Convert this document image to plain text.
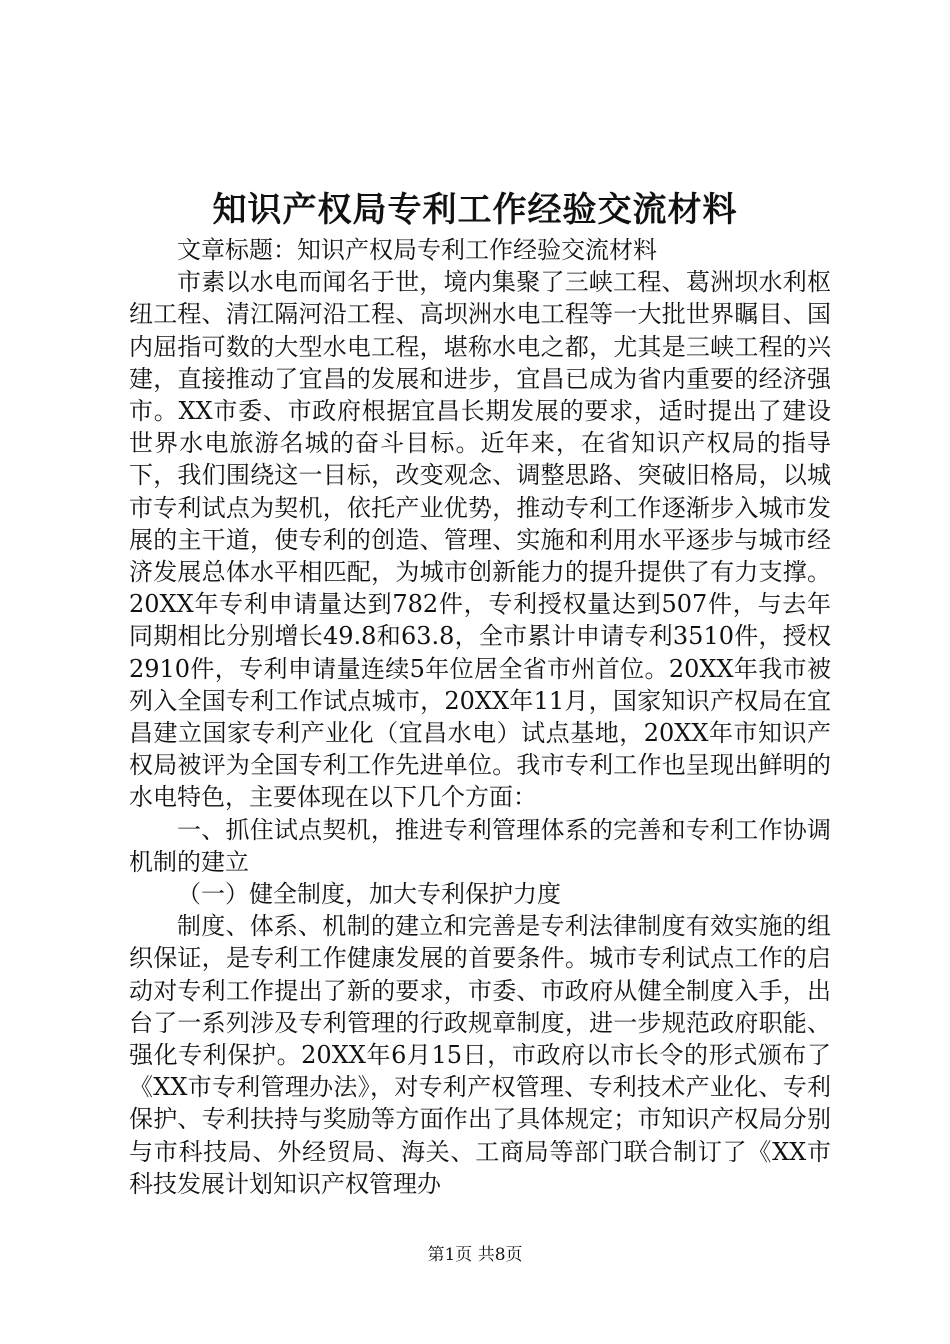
知识产权局专利工作经验交流材料

文章标题：知识产权局专利工作经验交流材料

市素以水电而闻名于世，境内集聚了三峡工程、葛洲坝水利枢纽工程、清江隔河沿工程、高坝洲水电工程等一大批世界瞩目、国内屈指可数的大型水电工程，堪称水电之都，尤其是三峡工程的兴建，直接推动了宜昌的发展和进步，宜昌已成为省内重要的经济强市。XX市委、市政府根据宜昌长期发展的要求，适时提出了建设世界水电旅游名城的奋斗目标。近年来，在省知识产权局的指导下，我们围绕这一目标，改变观念、调整思路、突破旧格局，以城市专利试点为契机，依托产业优势，推动专利工作逐渐步入城市发展的主干道，使专利的创造、管理、实施和利用水平逐步与城市经济发展总体水平相匹配，为城市创新能力的提升提供了有力支撑。20XX年专利申请量达到782件，专利授权量达到507件，与去年同期相比分别增长49.8和63.8，全市累计申请专利3510件，授权2910件，专利申请量连续5年位居全省市州首位。20XX年我市被列入全国专利工作试点城市，20XX年11月，国家知识产权局在宜昌建立国家专利产业化（宜昌水电）试点基地，20XX年市知识产权局被评为全国专利工作先进单位。我市专利工作也呈现出鲜明的水电特色，主要体现在以下几个方面：

一、抓住试点契机，推进专利管理体系的完善和专利工作协调机制的建立

（一）健全制度，加大专利保护力度

制度、体系、机制的建立和完善是专利法律制度有效实施的组织保证，是专利工作健康发展的首要条件。城市专利试点工作的启动对专利工作提出了新的要求，市委、市政府从健全制度入手，出台了一系列涉及专利管理的行政规章制度，进一步规范政府职能、强化专利保护。20XX年6月15日，市政府以市长令的形式颁布了《XX市专利管理办法》，对专利产权管理、专利技术产业化、专利保护、专利扶持与奖励等方面作出了具体规定；市知识产权局分别与市科技局、外经贸局、海关、工商局等部门联合制订了《XX市科技发展计划知识产权管理办

第1页 共8页
